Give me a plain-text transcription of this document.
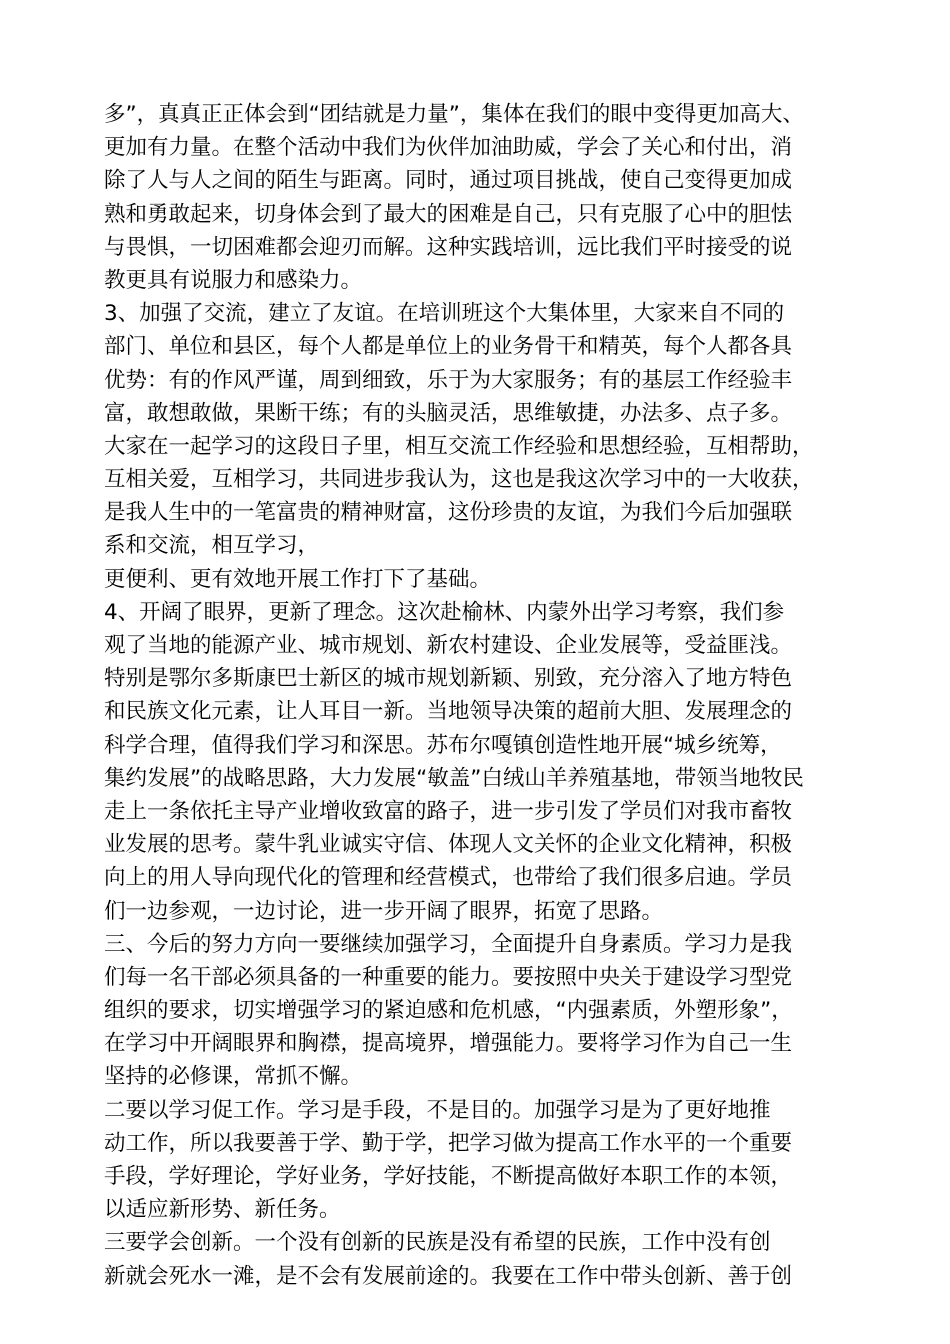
多”，真真正正体会到“团结就是力量”，集体在我们的眼中变得更加高大、
更加有力量。在整个活动中我们为伙伴加油助威，学会了关心和付出，消
除了人与人之间的陌生与距离。同时，通过项目挑战，使自己变得更加成
熟和勇敢起来，切身体会到了最大的困难是自己，只有克服了心中的胆怯
与畏惧，一切困难都会迎刃而解。这种实践培训，远比我们平时接受的说
教更具有说服力和感染力。
3、加强了交流，建立了友谊。在培训班这个大集体里，大家来自不同的
部门、单位和县区，每个人都是单位上的业务骨干和精英，每个人都各具
优势：有的作风严谨，周到细致，乐于为大家服务；有的基层工作经验丰
富，敢想敢做，果断干练；有的头脑灵活，思维敏捷，办法多、点子多。
大家在一起学习的这段日子里，相互交流工作经验和思想经验，互相帮助，
互相关爱，互相学习，共同进步我认为，这也是我这次学习中的一大收获，
是我人生中的一笔富贵的精神财富，这份珍贵的友谊，为我们今后加强联
系和交流，相互学习，
更便利、更有效地开展工作打下了基础。
4、开阔了眼界，更新了理念。这次赴榆林、内蒙外出学习考察，我们参
观了当地的能源产业、城市规划、新农村建设、企业发展等，受益匪浅。
特别是鄂尔多斯康巴士新区的城市规划新颖、别致，充分溶入了地方特色
和民族文化元素，让人耳目一新。当地领导决策的超前大胆、发展理念的
科学合理，值得我们学习和深思。苏布尔嘎镇创造性地开展“城乡统筹，
集约发展”的战略思路，大力发展“敏盖”白绒山羊养殖基地，带领当地牧民
走上一条依托主导产业增收致富的路子，进一步引发了学员们对我市畜牧
业发展的思考。蒙牛乳业诚实守信、体现人文关怀的企业文化精神，积极
向上的用人导向现代化的管理和经营模式，也带给了我们很多启迪。学员
们一边参观，一边讨论，进一步开阔了眼界，拓宽了思路。
三、今后的努力方向一要继续加强学习，全面提升自身素质。学习力是我
们每一名干部必须具备的一种重要的能力。要按照中央关于建设学习型党
组织的要求，切实增强学习的紧迫感和危机感，“内强素质，外塑形象”，
在学习中开阔眼界和胸襟，提高境界，增强能力。要将学习作为自己一生
坚持的必修课，常抓不懈。
二要以学习促工作。学习是手段，不是目的。加强学习是为了更好地推
动工作，所以我要善于学、勤于学，把学习做为提高工作水平的一个重要
手段，学好理论，学好业务，学好技能，不断提高做好本职工作的本领，
以适应新形势、新任务。
三要学会创新。一个没有创新的民族是没有希望的民族，工作中没有创
新就会死水一滩，是不会有发展前途的。我要在工作中带头创新、善于创
